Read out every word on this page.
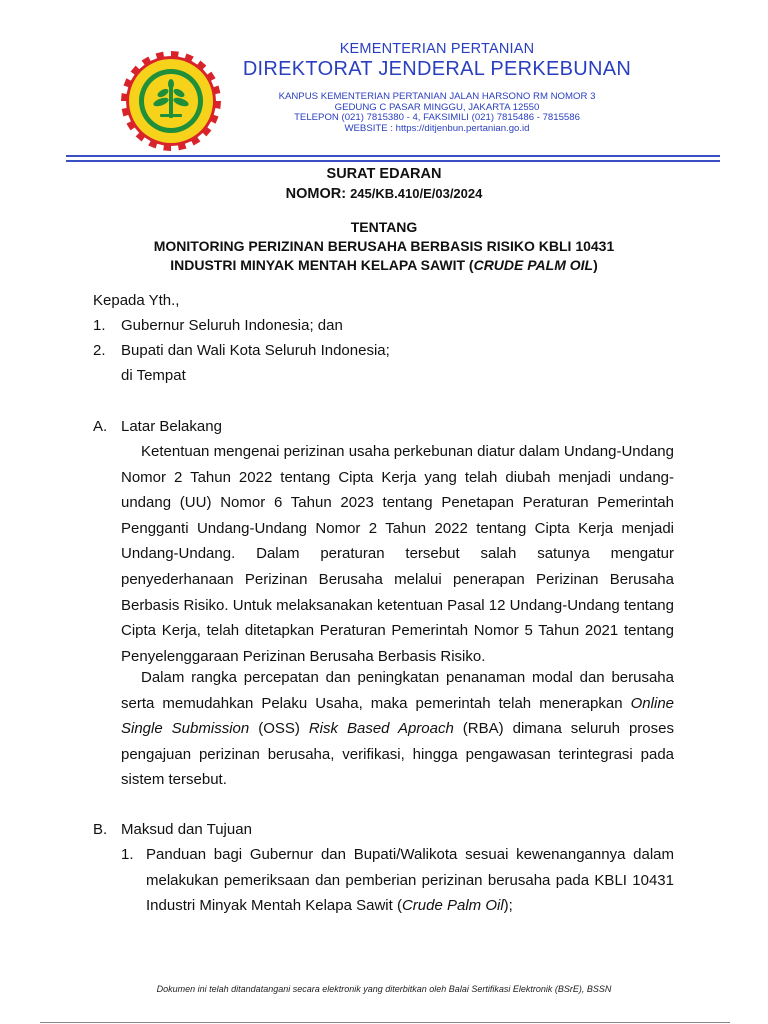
KEMENTERIAN PERTANIAN
DIREKTORAT JENDERAL PERKEBUNAN
KANPUS KEMENTERIAN PERTANIAN JALAN HARSONO RM NOMOR 3
GEDUNG C PASAR MINGGU, JAKARTA 12550
TELEPON (021) 7815380 - 4, FAKSIMILI (021) 7815486 - 7815586
WEBSITE : https://ditjenbun.pertanian.go.id
SURAT EDARAN
NOMOR: 245/KB.410/E/03/2024
TENTANG
MONITORING PERIZINAN BERUSAHA BERBASIS RISIKO KBLI 10431
INDUSTRI MINYAK MENTAH KELAPA SAWIT (CRUDE PALM OIL)
Kepada Yth.,
1. Gubernur Seluruh Indonesia; dan
2. Bupati dan Wali Kota Seluruh Indonesia;
di Tempat
A. Latar Belakang
Ketentuan mengenai perizinan usaha perkebunan diatur dalam Undang-Undang Nomor 2 Tahun 2022 tentang Cipta Kerja yang telah diubah menjadi undang-undang (UU) Nomor 6 Tahun 2023 tentang Penetapan Peraturan Pemerintah Pengganti Undang-Undang Nomor 2 Tahun 2022 tentang Cipta Kerja menjadi Undang-Undang. Dalam peraturan tersebut salah satunya mengatur penyederhanaan Perizinan Berusaha melalui penerapan Perizinan Berusaha Berbasis Risiko. Untuk melaksanakan ketentuan Pasal 12 Undang-Undang tentang Cipta Kerja, telah ditetapkan Peraturan Pemerintah Nomor 5 Tahun 2021 tentang Penyelenggaraan Perizinan Berusaha Berbasis Risiko.
Dalam rangka percepatan dan peningkatan penanaman modal dan berusaha serta memudahkan Pelaku Usaha, maka pemerintah telah menerapkan Online Single Submission (OSS) Risk Based Aproach (RBA) dimana seluruh proses pengajuan perizinan berusaha, verifikasi, hingga pengawasan terintegrasi pada sistem tersebut.
B. Maksud dan Tujuan
1. Panduan bagi Gubernur dan Bupati/Walikota sesuai kewenangannya dalam melakukan pemeriksaan dan pemberian perizinan berusaha pada KBLI 10431 Industri Minyak Mentah Kelapa Sawit (Crude Palm Oil);
Dokumen ini telah ditandatangani secara elektronik yang diterbitkan oleh Balai Sertifikasi Elektronik (BSrE), BSSN
